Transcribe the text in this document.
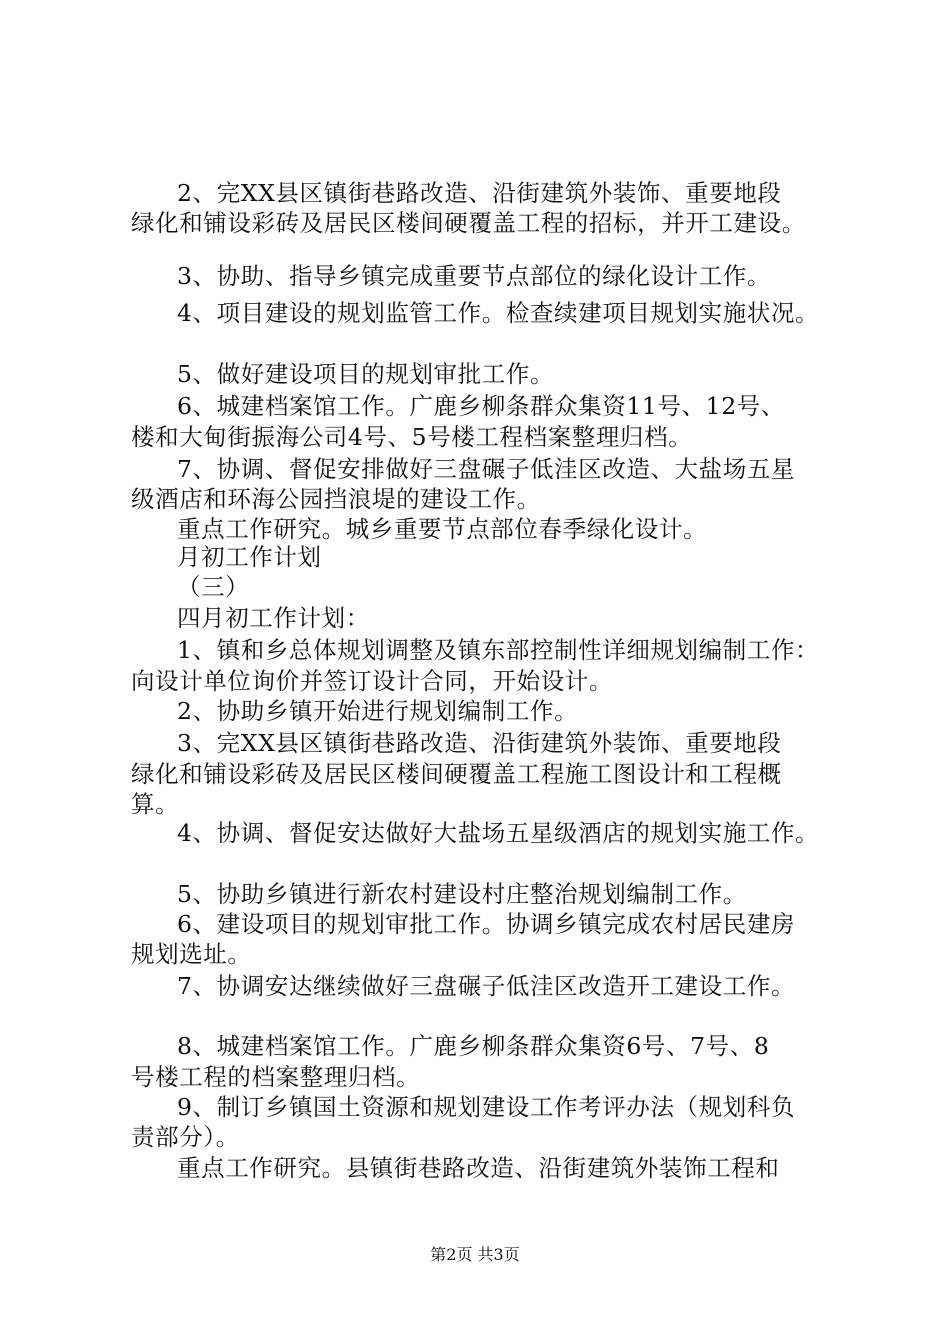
2、完XX县区镇街巷路改造、沿街建筑外装饰、重要地段
绿化和铺设彩砖及居民区楼间硬覆盖工程的招标，并开工建设。
3、协助、指导乡镇完成重要节点部位的绿化设计工作。
4、项目建设的规划监管工作。检查续建项目规划实施状况。
5、做好建设项目的规划审批工作。
6、城建档案馆工作。广鹿乡柳条群众集资11号、12号、
楼和大甸街振海公司4号、5号楼工程档案整理归档。
7、协调、督促安排做好三盘碾子低洼区改造、大盐场五星
级酒店和环海公园挡浪堤的建设工作。
重点工作研究。城乡重要节点部位春季绿化设计。
月初工作计划
（三）
四月初工作计划：
1、镇和乡总体规划调整及镇东部控制性详细规划编制工作：
向设计单位询价并签订设计合同，开始设计。
2、协助乡镇开始进行规划编制工作。
3、完XX县区镇街巷路改造、沿街建筑外装饰、重要地段
绿化和铺设彩砖及居民区楼间硬覆盖工程施工图设计和工程概
算。
4、协调、督促安达做好大盐场五星级酒店的规划实施工作。
5、协助乡镇进行新农村建设村庄整治规划编制工作。
6、建设项目的规划审批工作。协调乡镇完成农村居民建房
规划选址。
7、协调安达继续做好三盘碾子低洼区改造开工建设工作。
8、城建档案馆工作。广鹿乡柳条群众集资6号、7号、8
号楼工程的档案整理归档。
9、制订乡镇国土资源和规划建设工作考评办法（规划科负
责部分）。
重点工作研究。县镇街巷路改造、沿街建筑外装饰工程和
第2页 共3页
